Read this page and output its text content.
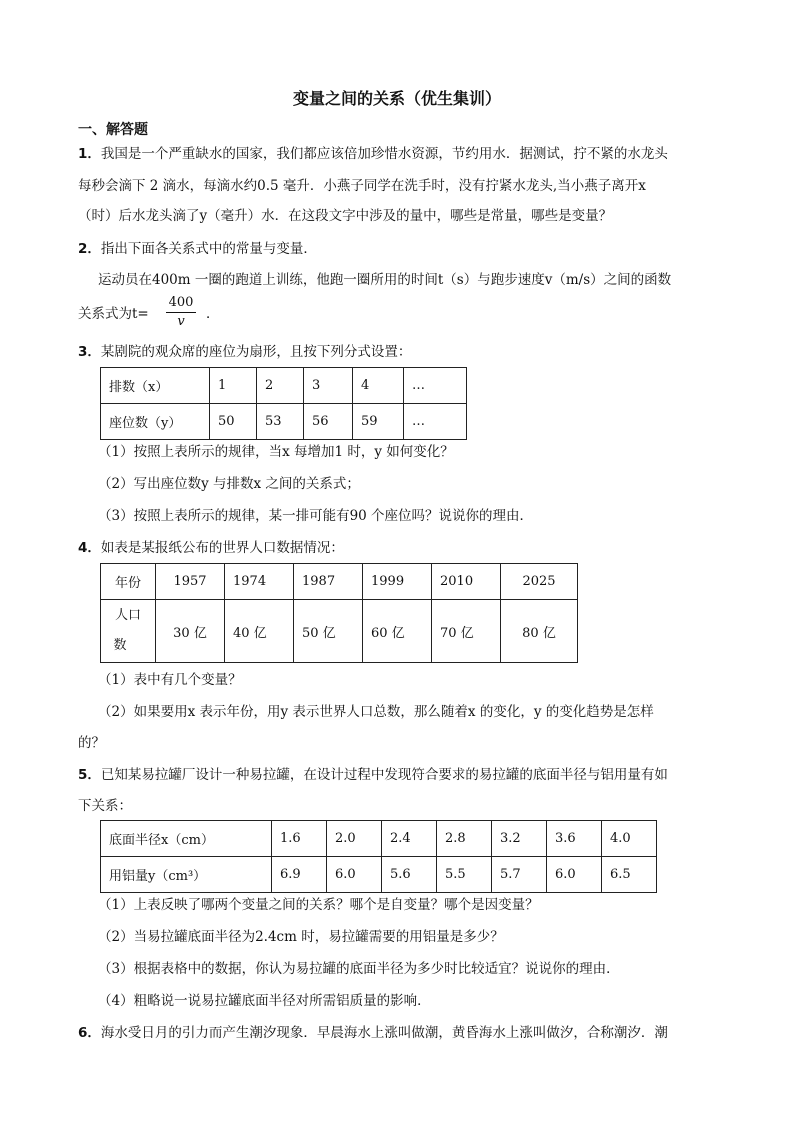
变量之间的关系（优生集训）
一、解答题
1．我国是一个严重缺水的国家，我们都应该倍加珍惜水资源，节约用水．据测试，拧不紧的水龙头
每秒会滴下 2 滴水，每滴水约0.5 毫升．小燕子同学在洗手时，没有拧紧水龙头,当小燕子离开x
（时）后水龙头滴了y（毫升）水．在这段文字中涉及的量中，哪些是常量，哪些是变量？
2．指出下面各关系式中的常量与变量．
运动员在400m 一圈的跑道上训练，他跑一圈所用的时间t（s）与跑步速度v（m/s）之间的函数
关系式为$t= \frac{400}{v}$ ．
3．某剧院的观众席的座位为扇形，且按下列分式设置：
排数（x）	1	2	3	4	…
座位数（y）	50	53	56	59	…
（1）按照上表所示的规律，当x 每增加1 时，y 如何变化？
（2）写出座位数y 与排数x 之间的关系式；
（3）按照上表所示的规律，某一排可能有90 个座位吗？说说你的理由．
4．如表是某报纸公布的世界人口数据情况：
年份	1957	1974	1987	1999	2010	2025
人口
数	30 亿	40 亿	50 亿	60 亿	70 亿	80 亿
（1）表中有几个变量？
（2）如果要用x 表示年份，用y 表示世界人口总数，那么随着x 的变化，y 的变化趋势是怎样
的？
5．已知某易拉罐厂设计一种易拉罐，在设计过程中发现符合要求的易拉罐的底面半径与铝用量有如
下关系：
底面半径x（cm）	1.6	2.0	2.4	2.8	3.2	3.6	4.0
用铝量y（cm³）	6.9	6.0	5.6	5.5	5.7	6.0	6.5
（1）上表反映了哪两个变量之间的关系？哪个是自变量？哪个是因变量？
（2）当易拉罐底面半径为2.4cm 时，易拉罐需要的用铝量是多少？
（3）根据表格中的数据，你认为易拉罐的底面半径为多少时比较适宜？说说你的理由．
（4）粗略说一说易拉罐底面半径对所需铝质量的影响．
6．海水受日月的引力而产生潮汐现象．早晨海水上涨叫做潮，黄昏海水上涨叫做汐，合称潮汐．潮
